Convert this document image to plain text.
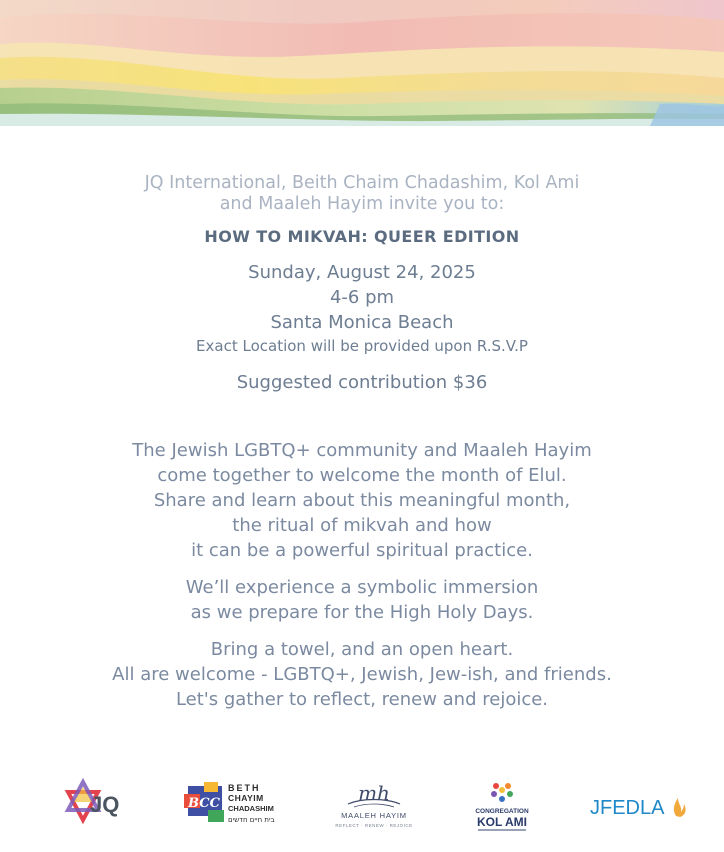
JQ International, Beith Chaim Chadashim, Kol Ami
and Maaleh Hayim invite you to:
HOW TO MIKVAH: QUEER EDITION
Sunday, August 24, 2025
4-6 pm
Santa Monica Beach
Exact Location will be provided upon R.S.V.P
Suggested contribution $36
The Jewish LGBTQ+ community and Maaleh Hayim
come together to welcome the month of Elul.
Share and learn about this meaningful month,
the ritual of mikvah and how
it can be a powerful spiritual practice.
We’ll experience a symbolic immersion
as we prepare for the High Holy Days.
Bring a towel, and an open heart.
All are welcome - LGBTQ+, Jewish, Jew-ish, and friends.
Let's gather to reflect, renew and rejoice.
JQ	BCC
BETH
CHAYIM
CHADASHIM
בית חיים חדשים
mh
MAALEH HAYIM
REFLECT · RENEW · REJOICE
CONGREGATION
KOL AMI
JFEDLA
